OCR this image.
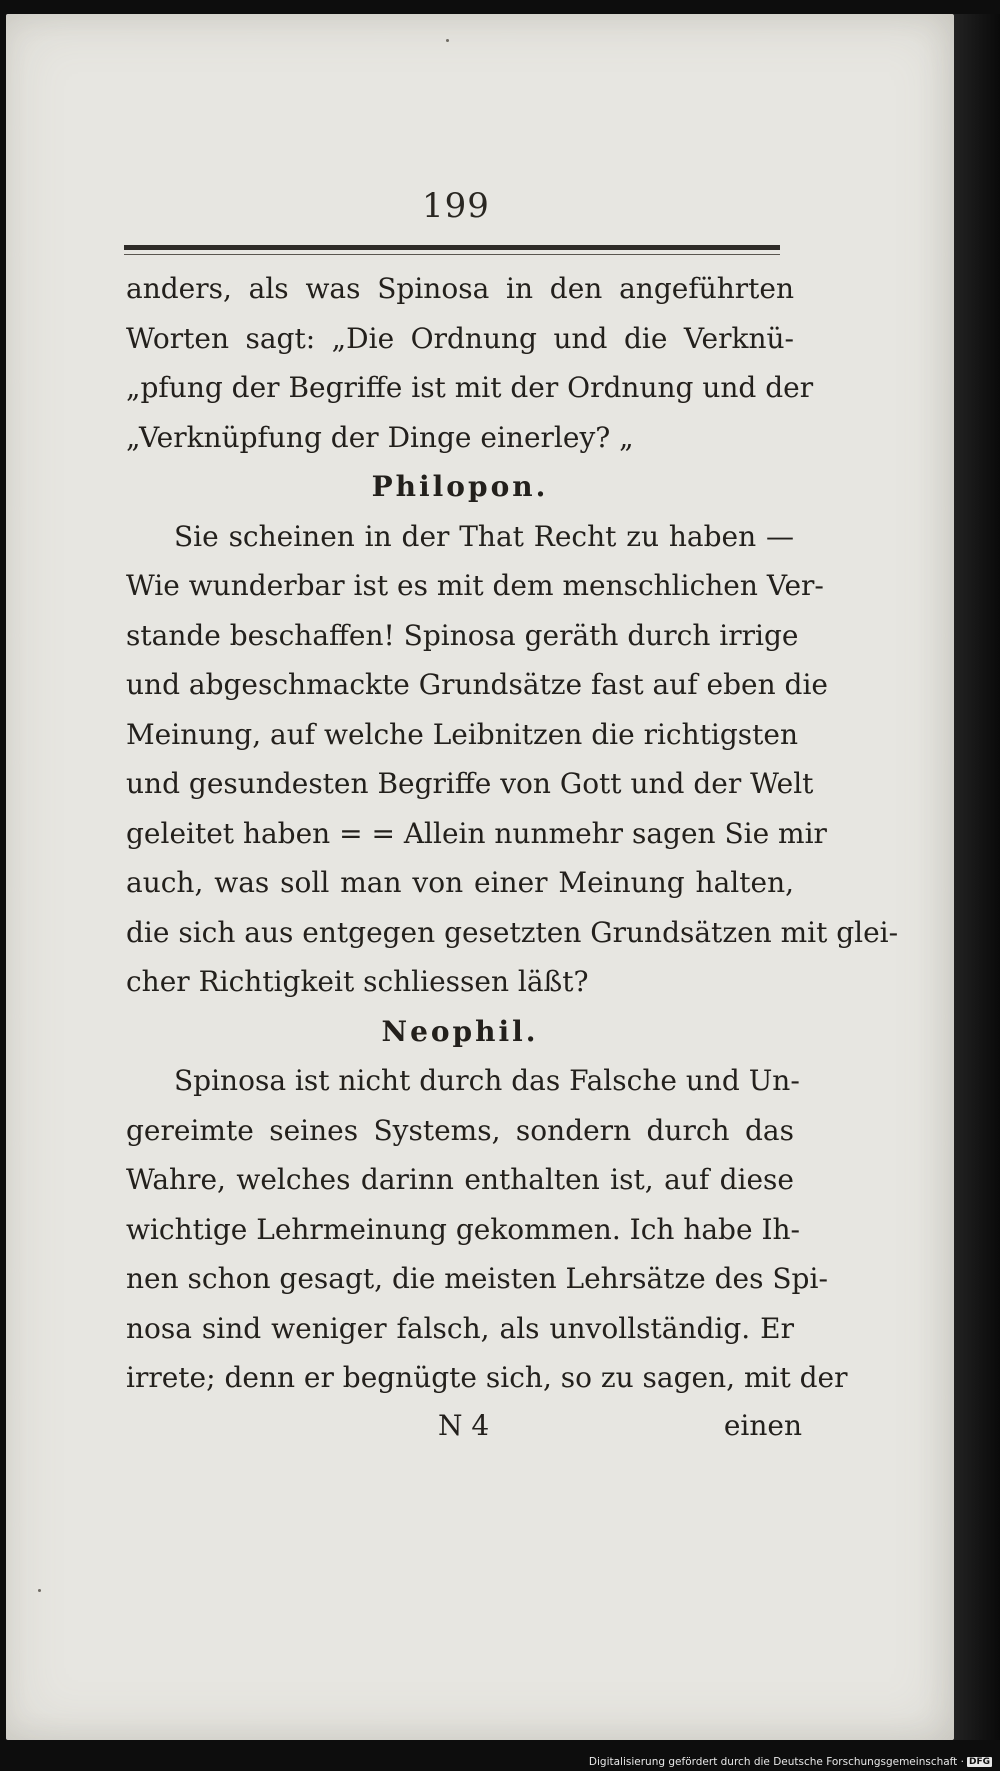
199
anders, als was Spinosa in den angeführten
Worten sagt: „Die Ordnung und die Verknü-
„pfung der Begriffe ist mit der Ordnung und der
„Verknüpfung der Dinge einerley? „
Philopon.
Sie scheinen in der That Recht zu haben —
Wie wunderbar ist es mit dem menschlichen Ver-
stande beschaffen! Spinosa geräth durch irrige
und abgeschmackte Grundsätze fast auf eben die
Meinung, auf welche Leibnitzen die richtigsten
und gesundesten Begriffe von Gott und der Welt
geleitet haben = = Allein nunmehr sagen Sie mir
auch, was soll man von einer Meinung halten,
die sich aus entgegen gesetzten Grundsätzen mit glei-
cher Richtigkeit schliessen läßt?
Neophil.
Spinosa ist nicht durch das Falsche und Un-
gereimte seines Systems, sondern durch das
Wahre, welches darinn enthalten ist, auf diese
wichtige Lehrmeinung gekommen. Ich habe Ih-
nen schon gesagt, die meisten Lehrsätze des Spi-
nosa sind weniger falsch, als unvollständig. Er
irrete; denn er begnügte sich, so zu sagen, mit der
N 4	einen
Digitalisierung gefördert durch die Deutsche Forschungsgemeinschaft · DFG
